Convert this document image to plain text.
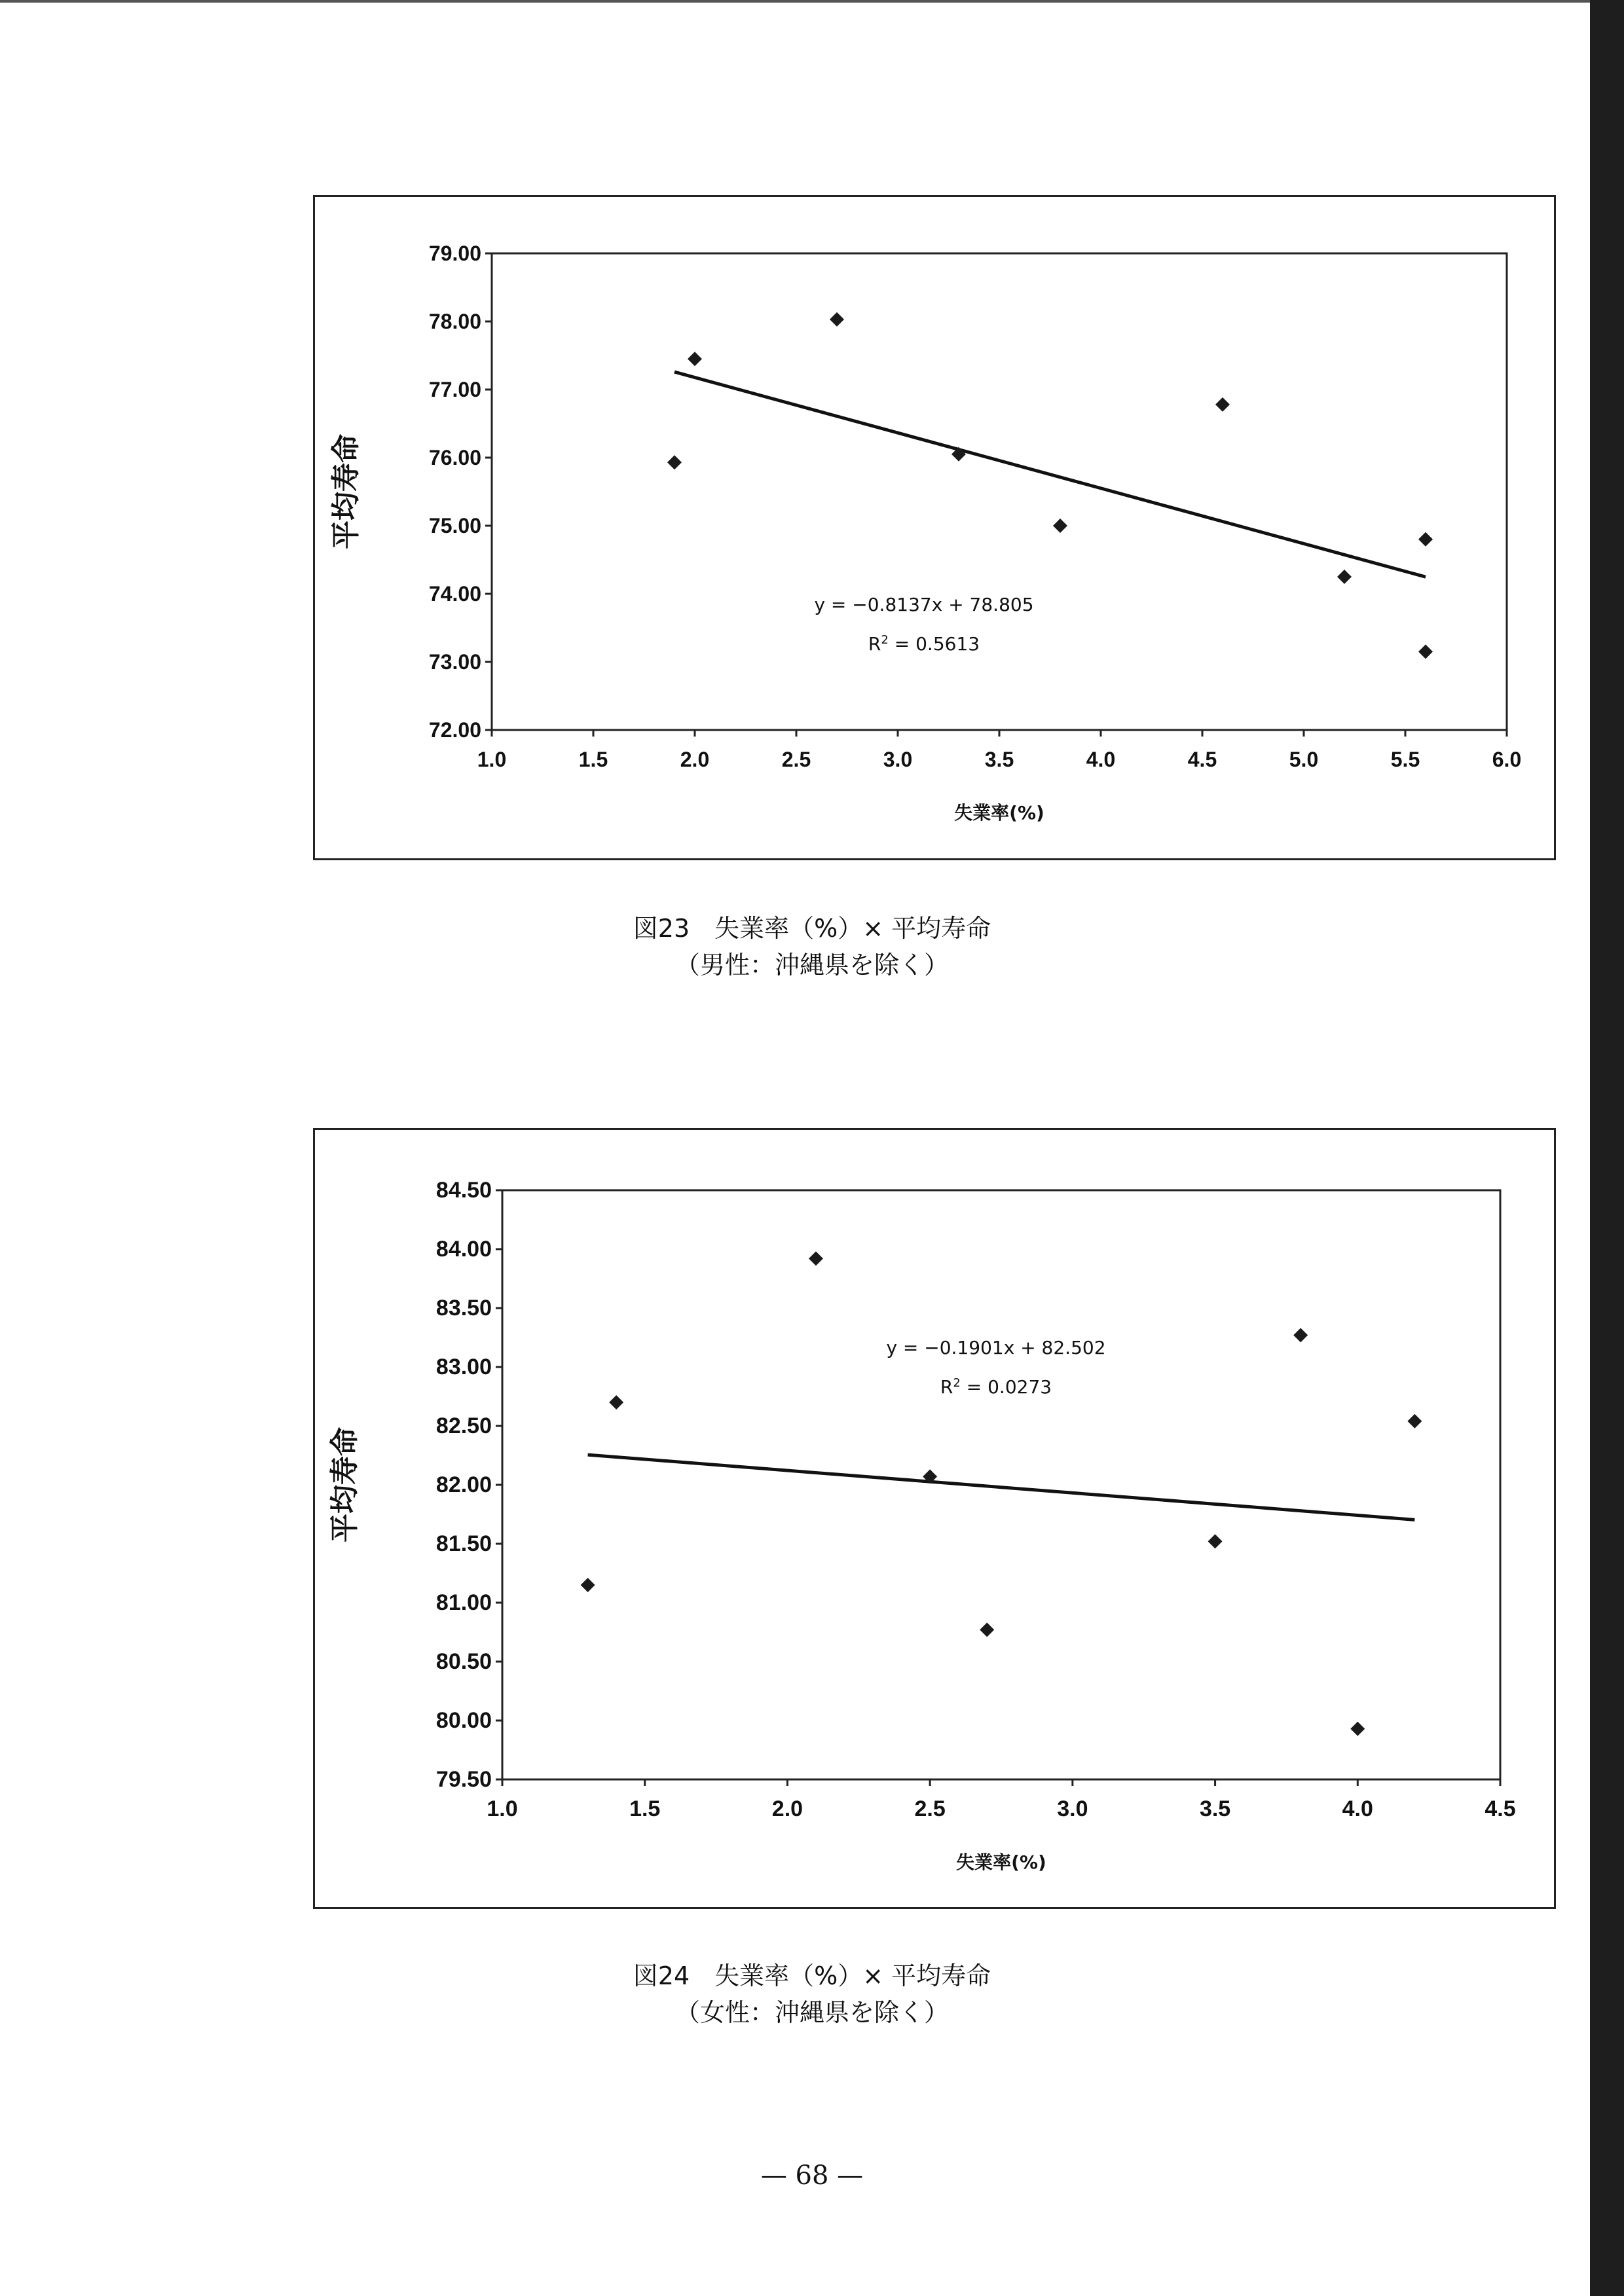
72.00
73.00
74.00
75.00
76.00
77.00
78.00
79.00
1.0	1.5	2.0	2.5	3.0	3.5	4.0	4.5	5.0	5.5	6.0
失業率(%)
平均寿命
y = −0.8137x + 78.805
$R^2 = 0.5613$
図23　失業率（%）× 平均寿命
（男性：沖縄県を除く）
79.50
80.00
80.50
81.00
81.50
82.00
82.50
83.00
83.50
84.00
84.50
1.0	1.5	2.0	2.5	3.0	3.5	4.0	4.5
失業率(%)
平均寿命
y = −0.1901x + 82.502
$R^2 = 0.0273$
図24　失業率（%）× 平均寿命
（女性：沖縄県を除く）
— 68 —
